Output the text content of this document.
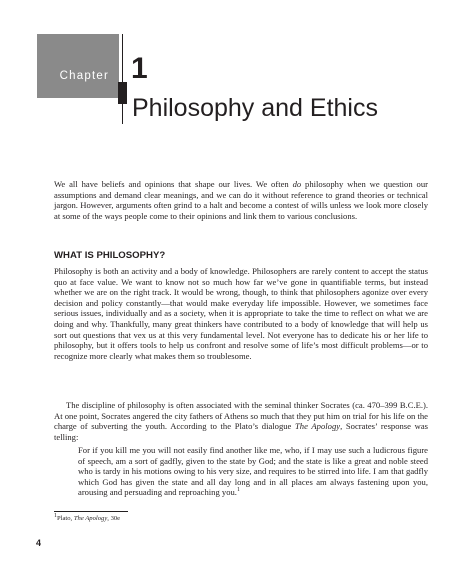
Chapter 1
Philosophy and Ethics

We all have beliefs and opinions that shape our lives. We often do philosophy when we question our assumptions and demand clear meanings, and we can do it without reference to grand theories or technical jargon. However, arguments often grind to a halt and become a contest of wills unless we look more closely at some of the ways people come to their opinions and link them to various conclusions.

WHAT IS PHILOSOPHY?

Philosophy is both an activity and a body of knowledge. Philosophers are rarely content to accept the status quo at face value. We want to know not so much how far we’ve gone in quantifiable terms, but instead whether we are on the right track. It would be wrong, though, to think that philosophers agonize over every decision and policy constantly—that would make everyday life impossible. However, we sometimes face serious issues, individually and as a society, when it is appropriate to take the time to reflect on what we are doing and why. Thankfully, many great thinkers have contributed to a body of knowledge that will help us sort out questions that vex us at this very fundamental level. Not everyone has to dedicate his or her life to philosophy, but it offers tools to help us confront and resolve some of life’s most difficult problems—or to recognize more clearly what makes them so troublesome.

The discipline of philosophy is often associated with the seminal thinker Socrates (ca. 470–399 B.C.E.). At one point, Socrates angered the city fathers of Athens so much that they put him on trial for his life on the charge of subverting the youth. According to the Plato’s dialogue The Apology, Socrates’ response was telling:

For if you kill me you will not easily find another like me, who, if I may use such a ludicrous figure of speech, am a sort of gadfly, given to the state by God; and the state is like a great and noble steed who is tardy in his motions owing to his very size, and requires to be stirred into life. I am that gadfly which God has given the state and all day long and in all places am always fastening upon you, arousing and persuading and reproaching you.$^1$

$^1$Plato, The Apology, 30e

4
